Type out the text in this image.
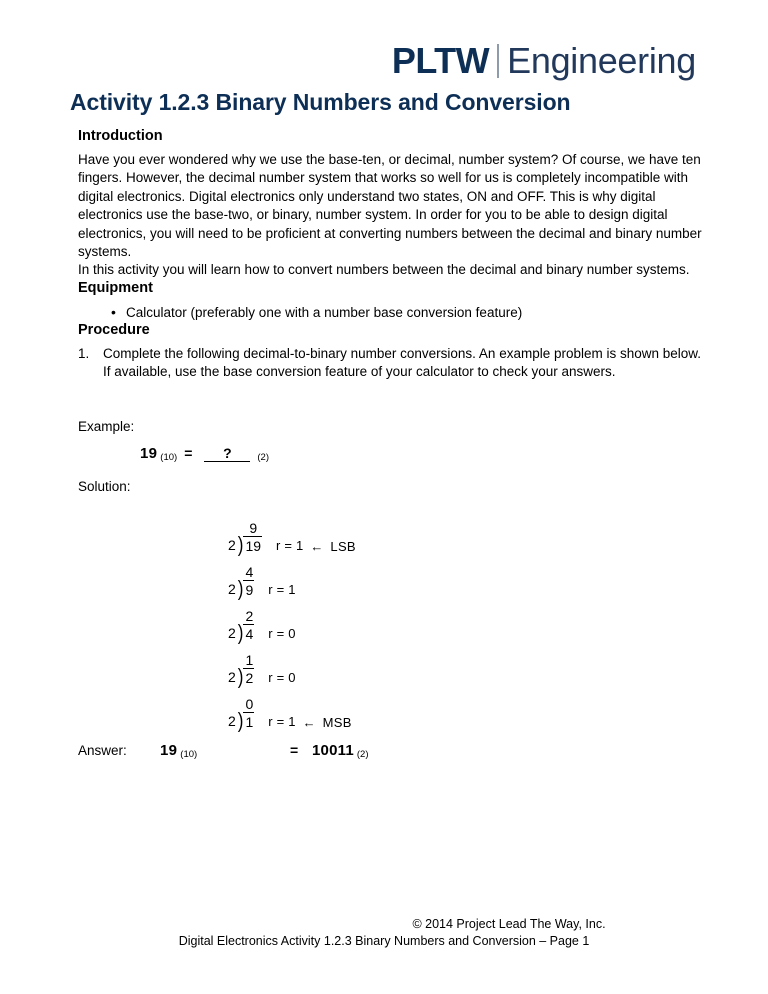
PLTW Engineering
Activity 1.2.3 Binary Numbers and Conversion
Introduction

Have you ever wondered why we use the base-ten, or decimal, number system? Of course, we have ten fingers. However, the decimal number system that works so well for us is completely incompatible with digital electronics. Digital electronics only understand two states, ON and OFF. This is why digital electronics use the base-two, or binary, number system. In order for you to be able to design digital electronics, you will need to be proficient at converting numbers between the decimal and binary number systems.

In this activity you will learn how to convert numbers between the decimal and binary number systems.

Equipment
• Calculator (preferably one with a number base conversion feature)
Procedure
1. Complete the following decimal-to-binary number conversions. An example problem is shown below. If available, use the base conversion feature of your calculator to check your answers.
Example:
19 (10) =	?	(2)
Solution:
2 )
9
19 r = 1 ← LSB
2 )
4
9 r = 1
2 )
2
4 r = 0
2 )
1
2 r = 0
2 )
0
1 r = 1 ← MSB
Answer:	19 (10)	= 10011 (2)
© 2014 Project Lead The Way, Inc.
Digital Electronics Activity 1.2.3 Binary Numbers and Conversion – Page 1
